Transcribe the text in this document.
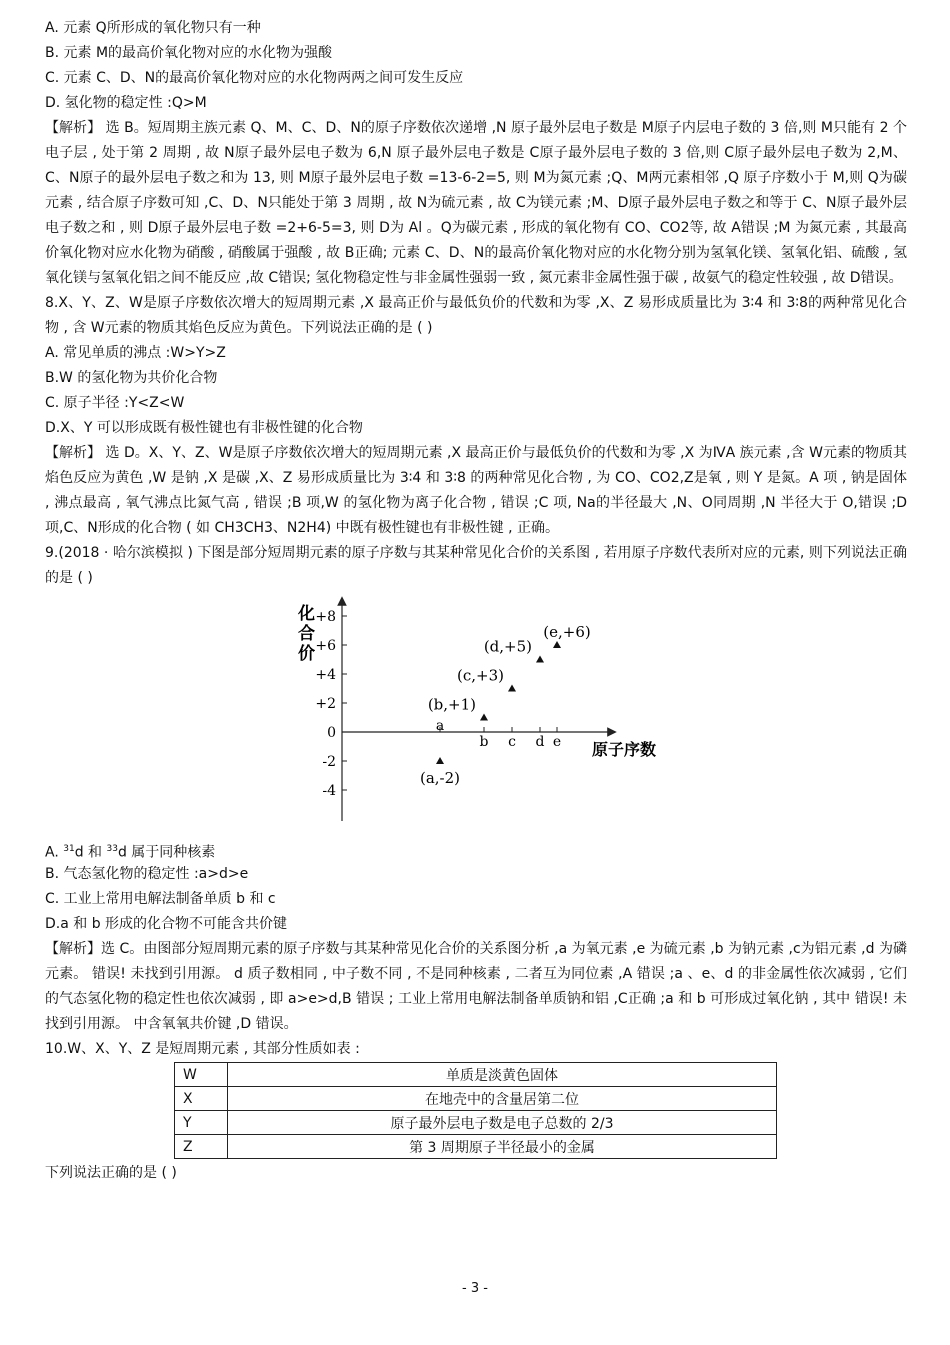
A. 元素 Q所形成的氧化物只有一种
B. 元素 M的最高价氧化物对应的水化物为强酸
C. 元素 C、D、N的最高价氧化物对应的水化物两两之间可发生反应
D. 氢化物的稳定性 :Q>M
【解析】 选 B。短周期主族元素 Q、M、C、D、N的原子序数依次递增 ,N 原子最外层电子数是 M原子内层电子数的 3 倍,则 M只能有 2 个电子层 , 处于第 2 周期 , 故 N原子最外层电子数为 6,N 原子最外层电子数是 C原子最外层电子数的 3 倍,则 C原子最外层电子数为 2,M、C、N原子的最外层电子数之和为 13, 则 M原子最外层电子数 =13-6-2=5, 则 M为氮元素 ;Q、M两元素相邻 ,Q 原子序数小于 M,则 Q为碳元素 , 结合原子序数可知 ,C、D、N只能处于第 3 周期 , 故 N为硫元素 , 故 C为镁元素 ;M、D原子最外层电子数之和等于 C、N原子最外层电子数之和 , 则 D原子最外层电子数 =2+6-5=3, 则 D为 Al 。Q为碳元素 , 形成的氧化物有 CO、CO2等, 故 A错误 ;M 为氮元素 , 其最高价氧化物对应水化物为硝酸 , 硝酸属于强酸 , 故 B正确; 元素 C、D、N的最高价氧化物对应的水化物分别为氢氧化镁、氢氧化铝、硫酸 , 氢氧化镁与氢氧化铝之间不能反应 ,故 C错误; 氢化物稳定性与非金属性强弱一致 , 氮元素非金属性强于碳 , 故氨气的稳定性较强 , 故 D错误。
8.X、Y、Z、W是原子序数依次增大的短周期元素 ,X 最高正价与最低负价的代数和为零 ,X、Z 易形成质量比为 3∶4 和 3∶8的两种常见化合物 , 含 W元素的物质其焰色反应为黄色。下列说法正确的是 ( )
A. 常见单质的沸点 :W>Y>Z
B.W 的氢化物为共价化合物
C. 原子半径 :Y<Z<W
D.X、Y 可以形成既有极性键也有非极性键的化合物
【解析】 选 D。X、Y、Z、W是原子序数依次增大的短周期元素 ,X 最高正价与最低负价的代数和为零 ,X 为ⅣA 族元素 ,含 W元素的物质其焰色反应为黄色 ,W 是钠 ,X 是碳 ,X、Z 易形成质量比为 3∶4 和 3∶8 的两种常见化合物 , 为 CO、CO2,Z是氧 , 则 Y 是氮。A 项 , 钠是固体 , 沸点最高 , 氧气沸点比氮气高 , 错误 ;B 项,W 的氢化物为离子化合物 , 错误 ;C 项, Na的半径最大 ,N、O同周期 ,N 半径大于 O,错误 ;D 项,C、N形成的化合物 ( 如 CH3CH3、N2H4) 中既有极性键也有非极性键 , 正确。
9.(2018 · 哈尔滨模拟 ) 下图是部分短周期元素的原子序数与其某种常见化合价的关系图 , 若用原子序数代表所对应的元素, 则下列说法正确的是 ( )
+8
+6
+4
+2
0
-2
-4
a
b c d e
(a,-2)
(b,+1)
(c,+3)
(d,+5)
(e,+6)
化合价
原子序数
A. $^{31}$d 和 $^{33}$d 属于同种核素
B. 气态氢化物的稳定性 :a>d>e
C. 工业上常用电解法制备单质 b 和 c
D.a 和 b 形成的化合物不可能含共价键
【解析】选 C。由图部分短周期元素的原子序数与其某种常见化合价的关系图分析 ,a 为氧元素 ,e 为硫元素 ,b 为钠元素 ,c为铝元素 ,d 为磷元素。 错误! 未找到引用源。 d 质子数相同 , 中子数不同 , 不是同种核素 , 二者互为同位素 ,A 错误 ;a 、e、d 的非金属性依次减弱 , 它们的气态氢化物的稳定性也依次减弱 , 即 a>e>d,B 错误 ; 工业上常用电解法制备单质钠和铝 ,C正确 ;a 和 b 可形成过氧化钠 , 其中 错误! 未找到引用源。 中含氧氧共价键 ,D 错误。
10.W、X、Y、Z 是短周期元素 , 其部分性质如表 :
W	单质是淡黄色固体
X	在地壳中的含量居第二位
Y	原子最外层电子数是电子总数的 2/3
Z	第 3 周期原子半径最小的金属
下列说法正确的是 ( )
- 3 -
